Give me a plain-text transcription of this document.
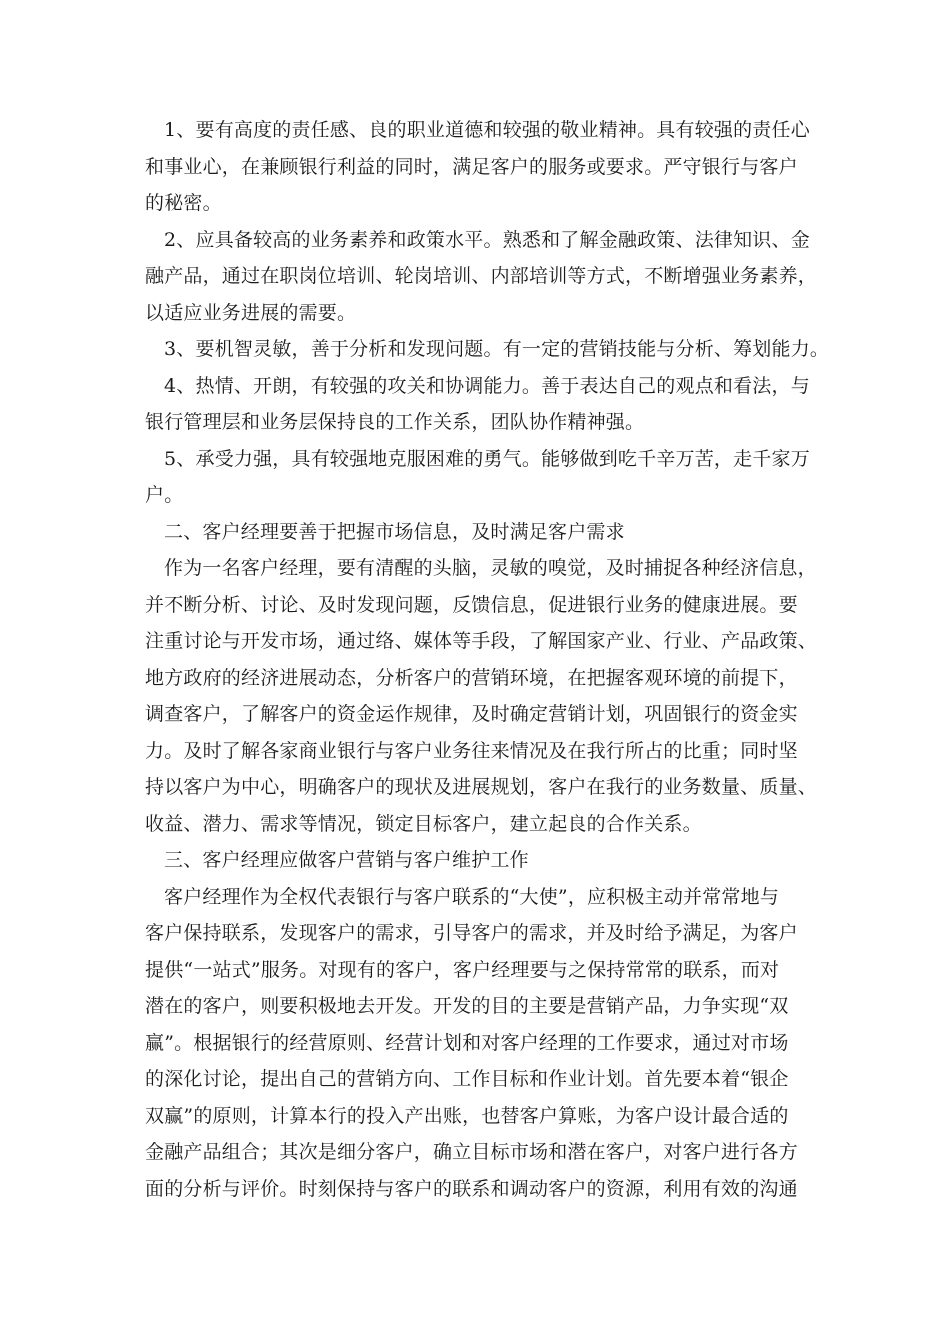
1、要有高度的责任感、良的职业道德和较强的敬业精神。具有较强的责任心
和事业心，在兼顾银行利益的同时，满足客户的服务或要求。严守银行与客户
的秘密。
2、应具备较高的业务素养和政策水平。熟悉和了解金融政策、法律知识、金
融产品，通过在职岗位培训、轮岗培训、内部培训等方式，不断增强业务素养，
以适应业务进展的需要。
3、要机智灵敏，善于分析和发现问题。有一定的营销技能与分析、筹划能力。
4、热情、开朗，有较强的攻关和协调能力。善于表达自己的观点和看法，与
银行管理层和业务层保持良的工作关系，团队协作精神强。
5、承受力强，具有较强地克服困难的勇气。能够做到吃千辛万苦，走千家万
户。
二、客户经理要善于把握市场信息，及时满足客户需求
作为一名客户经理，要有清醒的头脑，灵敏的嗅觉，及时捕捉各种经济信息，
并不断分析、讨论、及时发现问题，反馈信息，促进银行业务的健康进展。要
注重讨论与开发市场，通过络、媒体等手段，了解国家产业、行业、产品政策、
地方政府的经济进展动态，分析客户的营销环境，在把握客观环境的前提下，
调查客户，了解客户的资金运作规律，及时确定营销计划，巩固银行的资金实
力。及时了解各家商业银行与客户业务往来情况及在我行所占的比重；同时坚
持以客户为中心，明确客户的现状及进展规划，客户在我行的业务数量、质量、
收益、潜力、需求等情况，锁定目标客户，建立起良的合作关系。
三、客户经理应做客户营销与客户维护工作
客户经理作为全权代表银行与客户联系的“大使”，应积极主动并常常地与
客户保持联系，发现客户的需求，引导客户的需求，并及时给予满足，为客户
提供“一站式”服务。对现有的客户，客户经理要与之保持常常的联系，而对
潜在的客户，则要积极地去开发。开发的目的主要是营销产品，力争实现“双
赢”。根据银行的经营原则、经营计划和对客户经理的工作要求，通过对市场
的深化讨论，提出自己的营销方向、工作目标和作业计划。首先要本着“银企
双赢”的原则，计算本行的投入产出账，也替客户算账，为客户设计最合适的
金融产品组合；其次是细分客户，确立目标市场和潜在客户，对客户进行各方
面的分析与评价。时刻保持与客户的联系和调动客户的资源，利用有效的沟通
